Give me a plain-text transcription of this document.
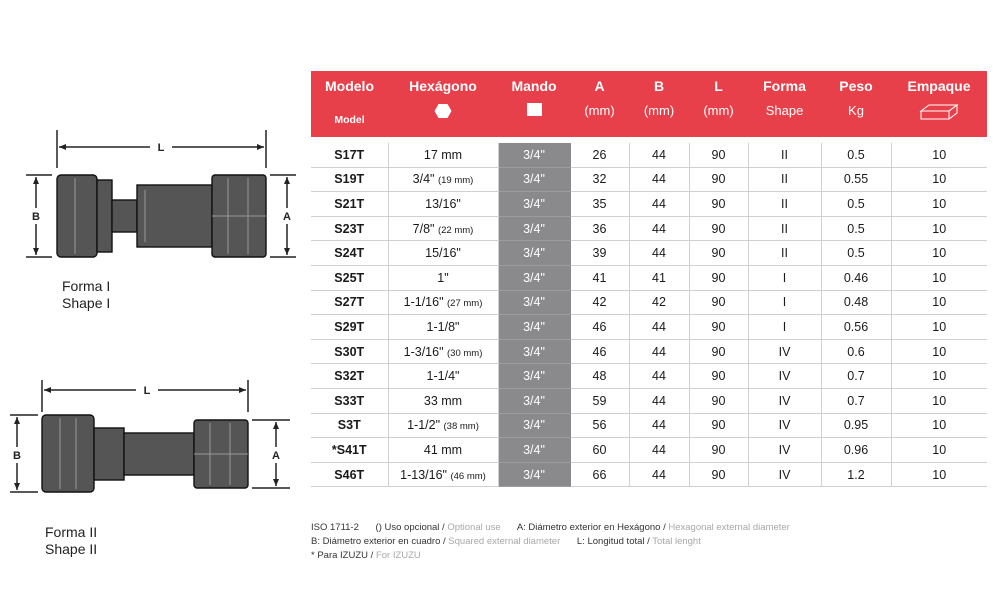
L
B	A
Forma I
Shape I
L
B	A
Forma II
Shape II
Modelo	Hexágono	Mando	A	B	L	Forma	Peso	Empaque
Model			(mm)	(mm)	(mm)	Shape	Kg	

S17T	17 mm	3/4"	26	44	90	II	0.5	10
S19T	3/4" (19 mm)	3/4"	32	44	90	II	0.55	10
S21T	13/16"	3/4"	35	44	90	II	0.5	10
S23T	7/8" (22 mm)	3/4"	36	44	90	II	0.5	10
S24T	15/16"	3/4"	39	44	90	II	0.5	10
S25T	1"	3/4"	41	41	90	I	0.46	10
S27T	1-1/16" (27 mm)	3/4"	42	42	90	I	0.48	10
S29T	1-1/8"	3/4"	46	44	90	I	0.56	10
S30T	1-3/16" (30 mm)	3/4"	46	44	90	IV	0.6	10
S32T	1-1/4"	3/4"	48	44	90	IV	0.7	10
S33T	33 mm	3/4"	59	44	90	IV	0.7	10
S3T	1-1/2" (38 mm)	3/4"	56	44	90	IV	0.95	10
*S41T	41 mm	3/4"	60	44	90	IV	0.96	10
S46T	1-13/16" (46 mm)	3/4"	66	44	90	IV	1.2	10
ISO 1711-2 () Uso opcional / Optional use A: Diámetro exterior en Hexágono / Hexagonal external diameter
B: Diámetro exterior en cuadro / Squared external diameter L: Longitud total / Total lenght
* Para IZUZU / For IZUZU
